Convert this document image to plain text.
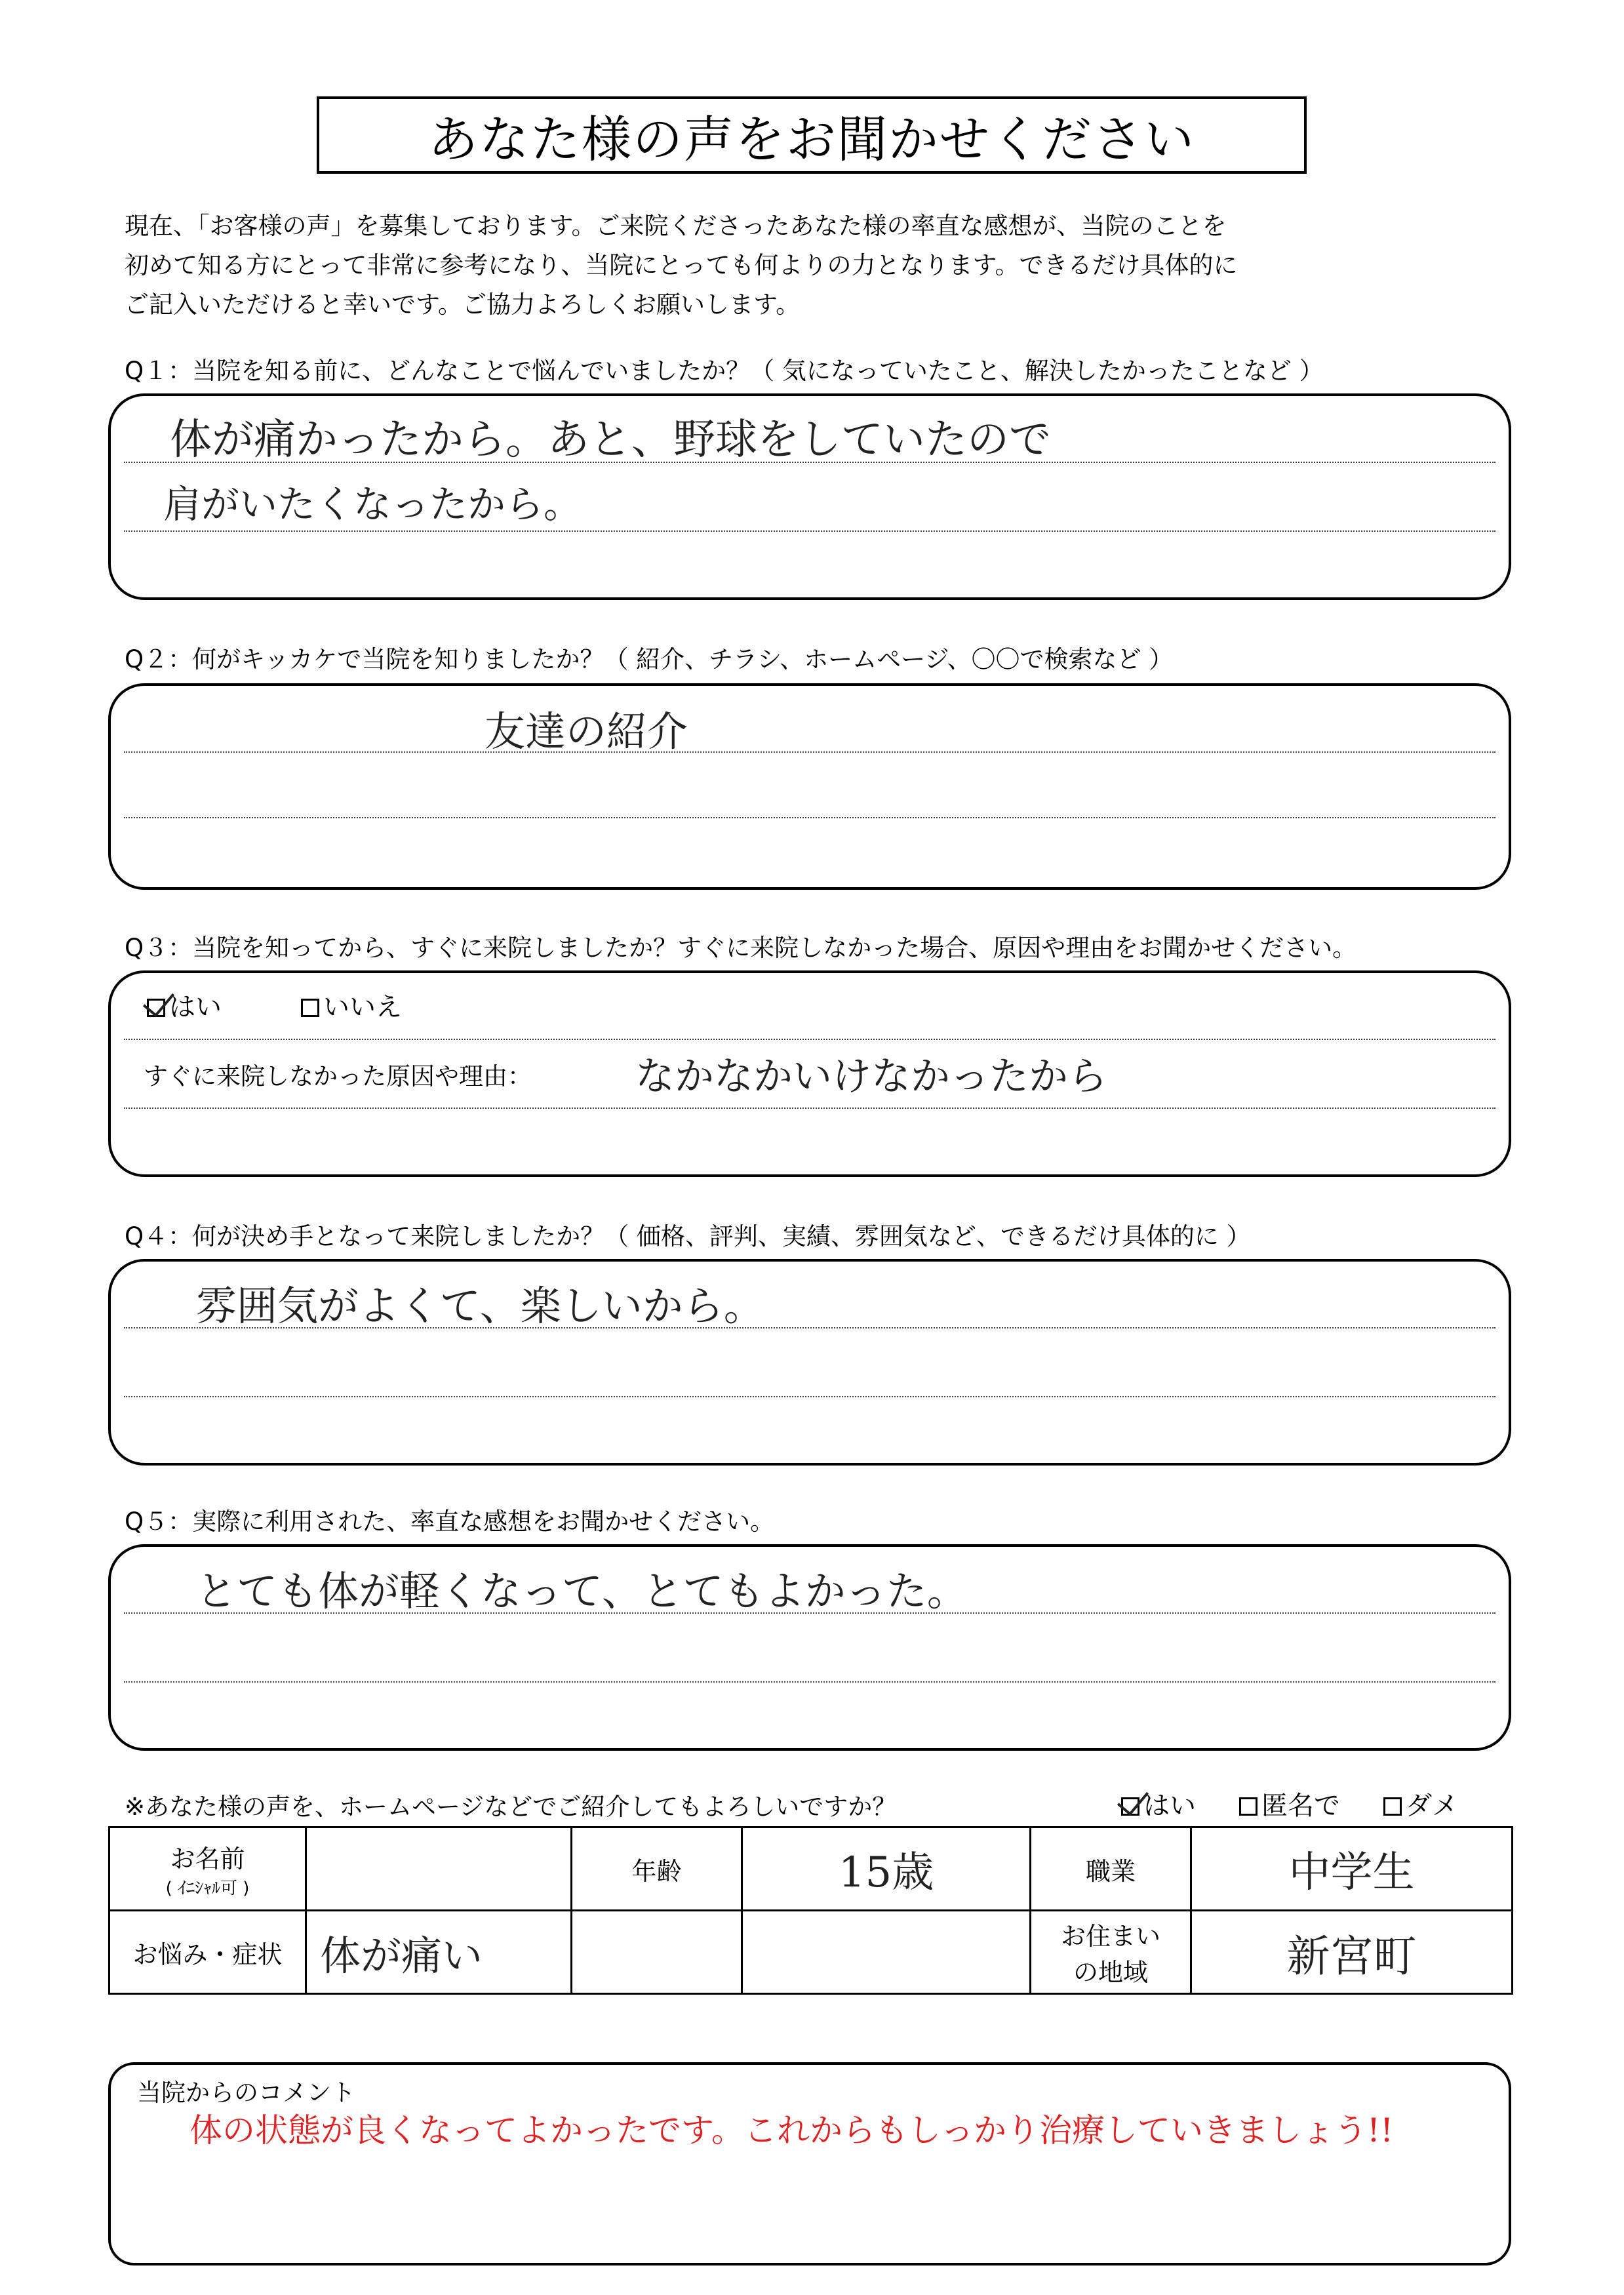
あなた様の声をお聞かせください
現在、「お客様の声」を募集しております。ご来院くださったあなた様の率直な感想が、当院のことを
初めて知る方にとって非常に参考になり、当院にとっても何よりの力となります。できるだけ具体的に
ご記入いただけると幸いです。ご協力よろしくお願いします。
Q１：当院を知る前に、どんなことで悩んでいましたか？（ 気になっていたこと、解決したかったことなど ）
体が痛かったから。あと、野球をしていたので
肩がいたくなったから。
Q２：何がキッカケで当院を知りましたか？（ 紹介、チラシ、ホームページ、〇〇で検索など ）
友達の紹介
Q３：当院を知ってから、すぐに来院しましたか？すぐに来院しなかった場合、原因や理由をお聞かせください。
はい	いいえ
すぐに来院しなかった原因や理由：	なかなかいけなかったから
Q４：何が決め手となって来院しましたか？（ 価格、評判、実績、雰囲気など、できるだけ具体的に ）
雰囲気がよくて、楽しいから。
Q５：実際に利用された、率直な感想をお聞かせください。
とても体が軽くなって、とてもよかった。
※あなた様の声を、ホームページなどでご紹介してもよろしいですか？	はい	匿名で	ダメ
お名前
( ｲﾆｼｬﾙ可 )		年齢	15歳	職業	中学生
お悩み・症状	体が痛い			お住まい
の地域	新宮町
当院からのコメント
体の状態が良くなってよかったです。これからもしっかり治療していきましょう!!
